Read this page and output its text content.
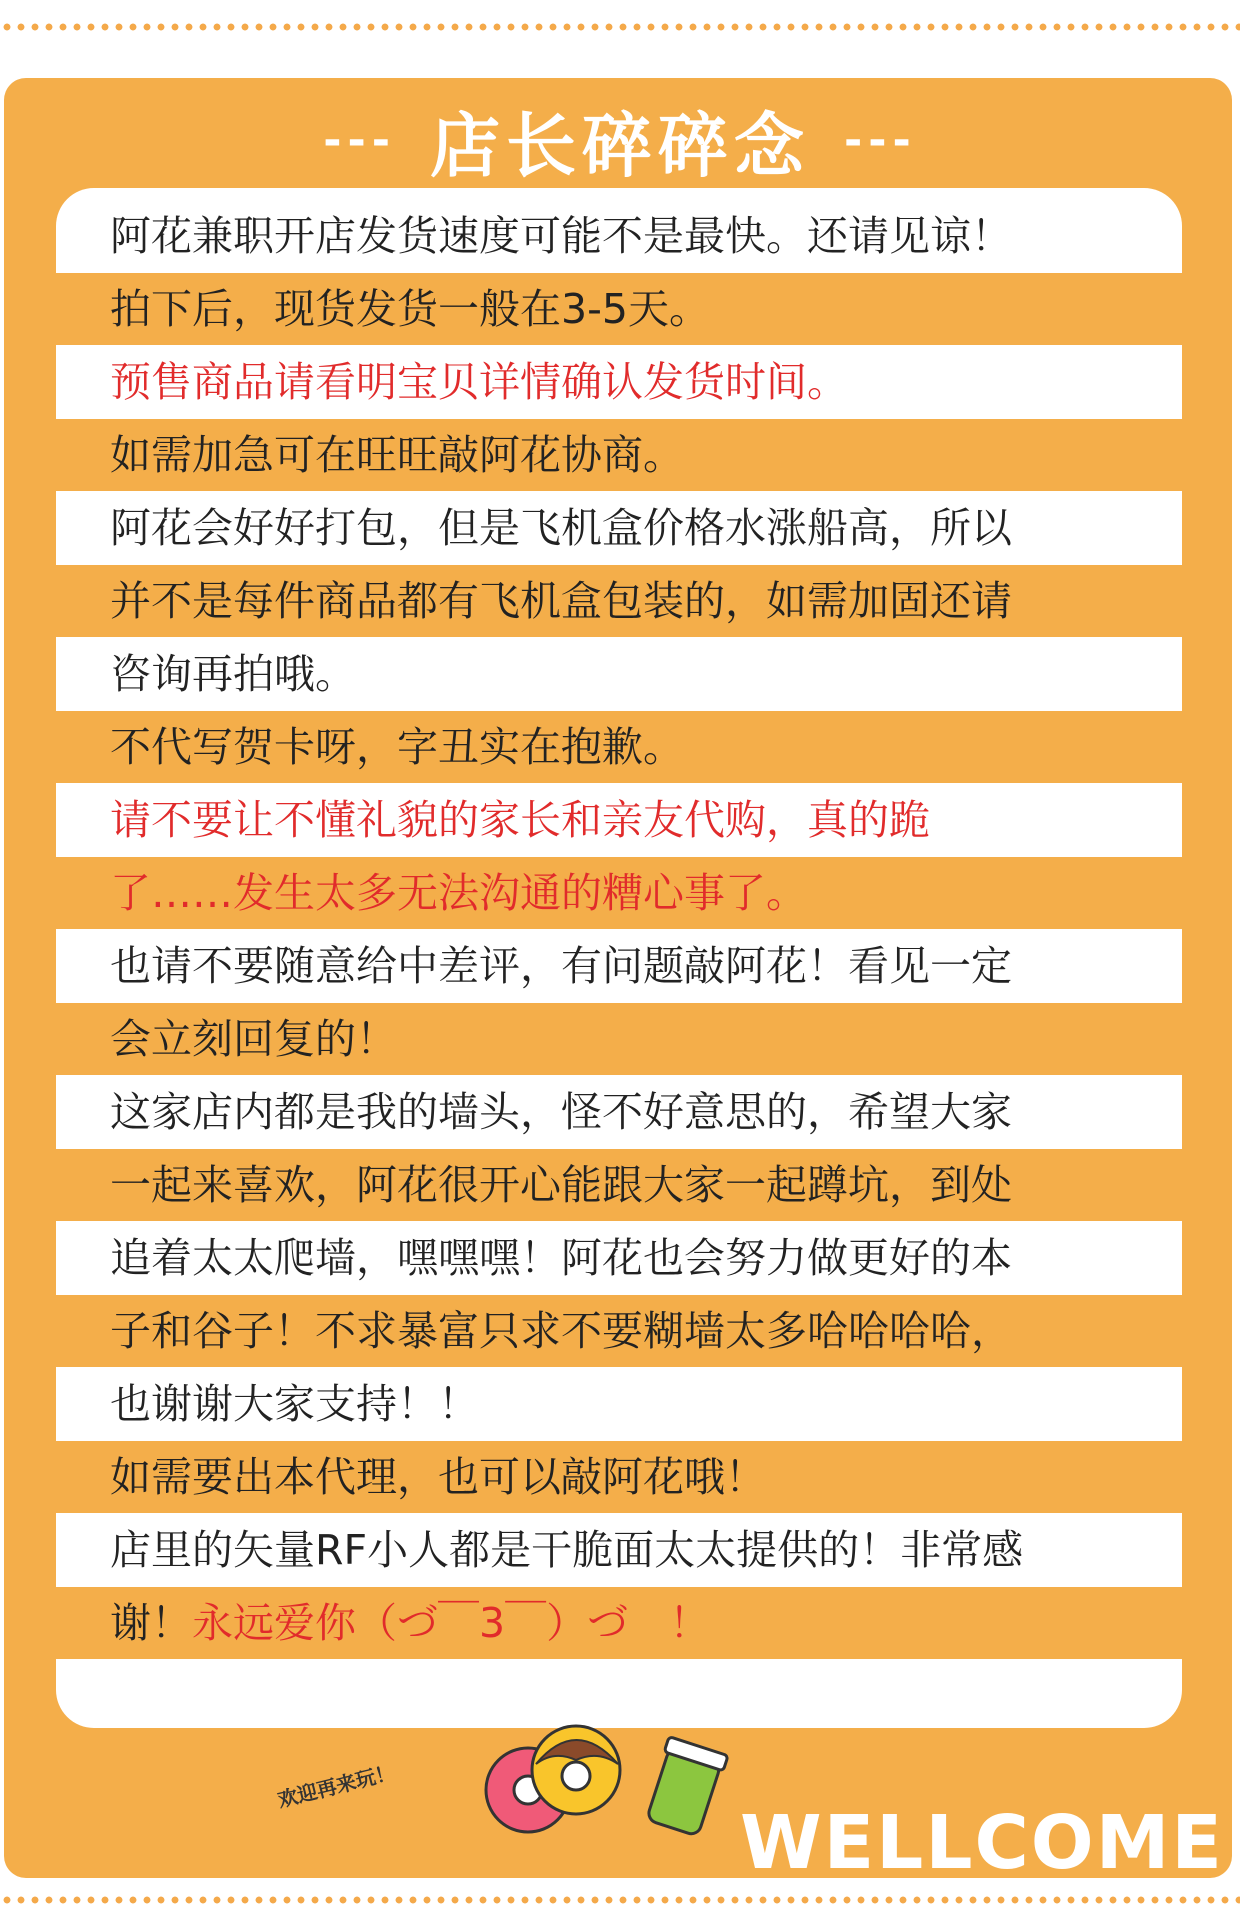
--- 店长碎碎念 ---
阿花兼职开店发货速度可能不是最快。还请见谅！
拍下后，现货发货一般在3-5天。
预售商品请看明宝贝详情确认发货时间。
如需加急可在旺旺敲阿花协商。
阿花会好好打包，但是飞机盒价格水涨船高，所以
并不是每件商品都有飞机盒包装的，如需加固还请
咨询再拍哦。
不代写贺卡呀，字丑实在抱歉。
请不要让不懂礼貌的家长和亲友代购，真的跪
了……发生太多无法沟通的糟心事了。
也请不要随意给中差评，有问题敲阿花！看见一定
会立刻回复的！
这家店内都是我的墙头，怪不好意思的，希望大家
一起来喜欢，阿花很开心能跟大家一起蹲坑，到处
追着太太爬墙，嘿嘿嘿！阿花也会努力做更好的本
子和谷子！不求暴富只求不要糊墙太多哈哈哈哈，
也谢谢大家支持！！
如需要出本代理，也可以敲阿花哦！
店里的矢量RF小人都是干脆面太太提供的！非常感
谢！永远爱你（づ￣3￣）づ　！
欢迎再来玩！
WELLCOME
